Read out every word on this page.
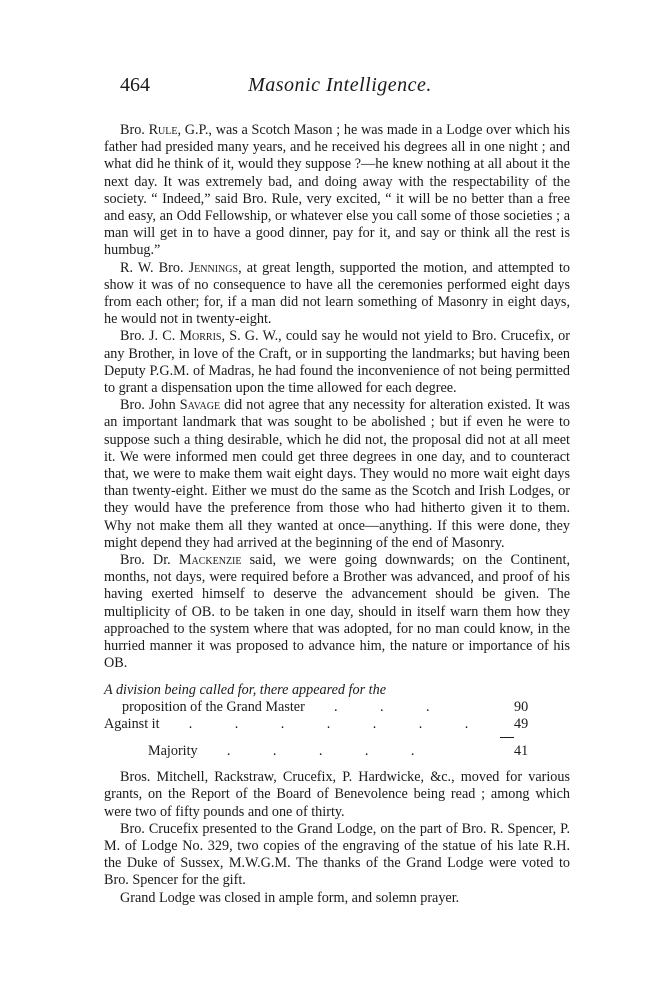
464	Masonic Intelligence.

Bro. Rule, G.P., was a Scotch Mason ; he was made in a Lodge over which his father had presided many years, and he received his degrees all in one night ; and what did he think of it, would they suppose ?—he knew nothing at all about it the next day. It was extremely bad, and doing away with the respectability of the society. “ Indeed,” said Bro. Rule, very excited, “ it will be no better than a free and easy, an Odd Fellowship, or whatever else you call some of those societies ; a man will get in to have a good dinner, pay for it, and say or think all the rest is humbug.”

R. W. Bro. Jennings, at great length, supported the motion, and attempted to show it was of no consequence to have all the ceremonies performed eight days from each other; for, if a man did not learn something of Masonry in eight days, he would not in twenty-eight.

Bro. J. C. Morris, S. G. W., could say he would not yield to Bro. Crucefix, or any Brother, in love of the Craft, or in supporting the landmarks; but having been Deputy P.G.M. of Madras, he had found the inconvenience of not being permitted to grant a dispensation upon the time allowed for each degree.

Bro. John Savage did not agree that any necessity for alteration existed. It was an important landmark that was sought to be abolished ; but if even he were to suppose such a thing desirable, which he did not, the proposal did not at all meet it. We were informed men could get three degrees in one day, and to counteract that, we were to make them wait eight days. They would no more wait eight days than twenty-eight. Either we must do the same as the Scotch and Irish Lodges, or they would have the preference from those who had hitherto given it to them. Why not make them all they wanted at once—anything. If this were done, they might depend they had arrived at the beginning of the end of Masonry.

Bro. Dr. Mackenzie said, we were going downwards; on the Continent, months, not days, were required before a Brother was advanced, and proof of his having exerted himself to deserve the advancement should be given. The multiplicity of OB. to be taken in one day, should in itself warn them how they approached to the system where that was adopted, for no man could know, in the hurried manner it was proposed to advance him, the nature or importance of his OB.

A division being called for, there appeared for the

proposition of the Grand Master	.	.	.	90
Against it	.	.	.	.	.	.	.	49
Majority	.	.	.	.	.	41

Bros. Mitchell, Rackstraw, Crucefix, P. Hardwicke, &c., moved for various grants, on the Report of the Board of Benevolence being read ; among which were two of fifty pounds and one of thirty.

Bro. Crucefix presented to the Grand Lodge, on the part of Bro. R. Spencer, P. M. of Lodge No. 329, two copies of the engraving of the statue of his late R.H. the Duke of Sussex, M.W.G.M. The thanks of the Grand Lodge were voted to Bro. Spencer for the gift.

Grand Lodge was closed in ample form, and solemn prayer.
